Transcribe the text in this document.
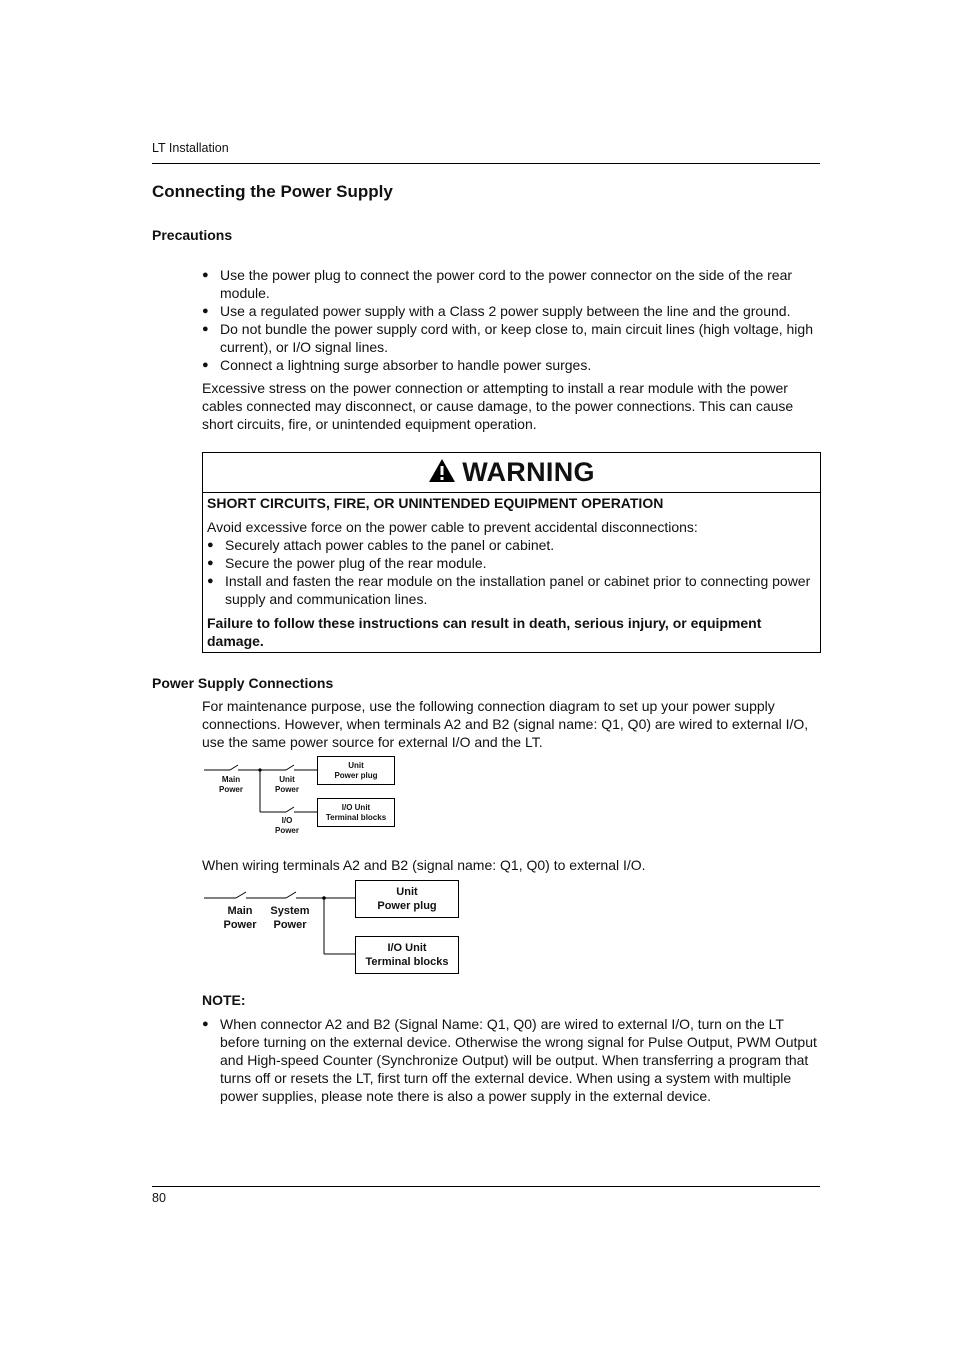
LT Installation
Connecting the Power Supply
Precautions
● Use the power plug to connect the power cord to the power connector on the side of the rear module.
● Use a regulated power supply with a Class 2 power supply between the line and the ground.
● Do not bundle the power supply cord with, or keep close to, main circuit lines (high voltage, high current), or I/O signal lines.
● Connect a lightning surge absorber to handle power surges.

Excessive stress on the power connection or attempting to install a rear module with the power cables connected may disconnect, or cause damage, to the power connections. This can cause short circuits, fire, or unintended equipment operation.

WARNING
SHORT CIRCUITS, FIRE, OR UNINTENDED EQUIPMENT OPERATION
Avoid excessive force on the power cable to prevent accidental disconnections:
● Securely attach power cables to the panel or cabinet.
● Secure the power plug of the rear module.
● Install and fasten the rear module on the installation panel or cabinet prior to connecting power supply and communication lines.
Failure to follow these instructions can result in death, serious injury, or equipment damage.
Power Supply Connections

For maintenance purpose, use the following connection diagram to set up your power supply connections. However, when terminals A2 and B2 (signal name: Q1, Q0) are wired to external I/O, use the same power source for external I/O and the LT.

Main
Power
Unit
Power
I/O
Power
Unit
Power plug
I/O Unit
Terminal blocks

When wiring terminals A2 and B2 (signal name: Q1, Q0) to external I/O.

Main
Power
System
Power
Unit
Power plug
I/O Unit
Terminal blocks
NOTE:
● When connector A2 and B2 (Signal Name: Q1, Q0) are wired to external I/O, turn on the LT before turning on the external device. Otherwise the wrong signal for Pulse Output, PWM Output and High-speed Counter (Synchronize Output) will be output. When transferring a program that turns off or resets the LT, first turn off the external device. When using a system with multiple power supplies, please note there is also a power supply in the external device.
80
